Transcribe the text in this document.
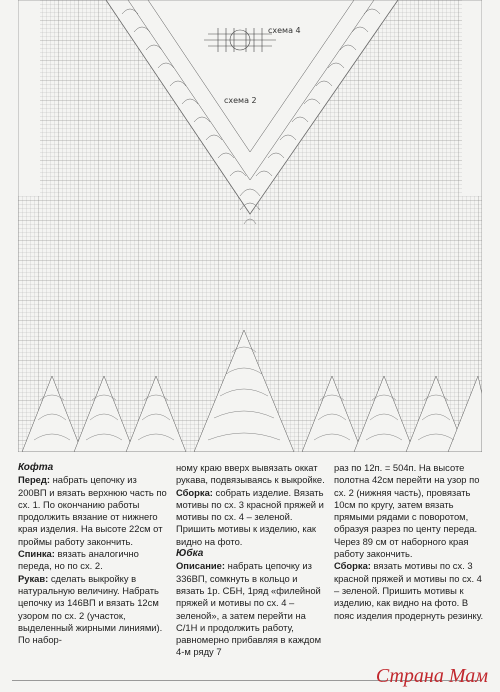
схема 4
схема 2

Кофта

Перед: набрать цепочку из 200ВП и вязать верхнюю часть по сх. 1. По окончанию работы продолжить вязание от нижнего края изделия. На высоте 22см от проймы работу закончить.

Спинка: вязать аналогично переда, но по сх. 2.

Рукав: сделать выкройку в натуральную величину. Набрать цепочку из 146ВП и вязать 12см узором по сх. 2 (участок, выделенный жирными линиями). По набор-

ному краю вверх вывязать оккат рукава, подвязываясь к выкройке.

Сборка: собрать изделие. Вязать мотивы по сх. 3 красной пряжей и мотивы по сх. 4 – зеленой. Пришить мотивы к изделию, как видно на фото.

Юбка

Описание: набрать цепочку из 336ВП, сомкнуть в кольцо и вязать 1р. СБН, 1ряд «филейной пряжей и мотивы по сх. 4 – зеленой», а затем перейти на С/1Н и продолжить работу, равномерно прибавляя в каждом 4-м ряду 7

раз по 12п. = 504п. На высоте полотна 42см перейти на узор по сх. 2 (нижняя часть), провязать 10см по кругу, затем вязать прямыми рядами с поворотом, образуя разрез по центу переда. Через 89 см от наборного края работу закончить.

Сборка: вязать мотивы по сх. 3 красной пряжей и мотивы по сх. 4 – зеленой. Пришить мотивы к изделию, как видно на фото. В пояс изделия продернуть резинку.

Страна Мам
